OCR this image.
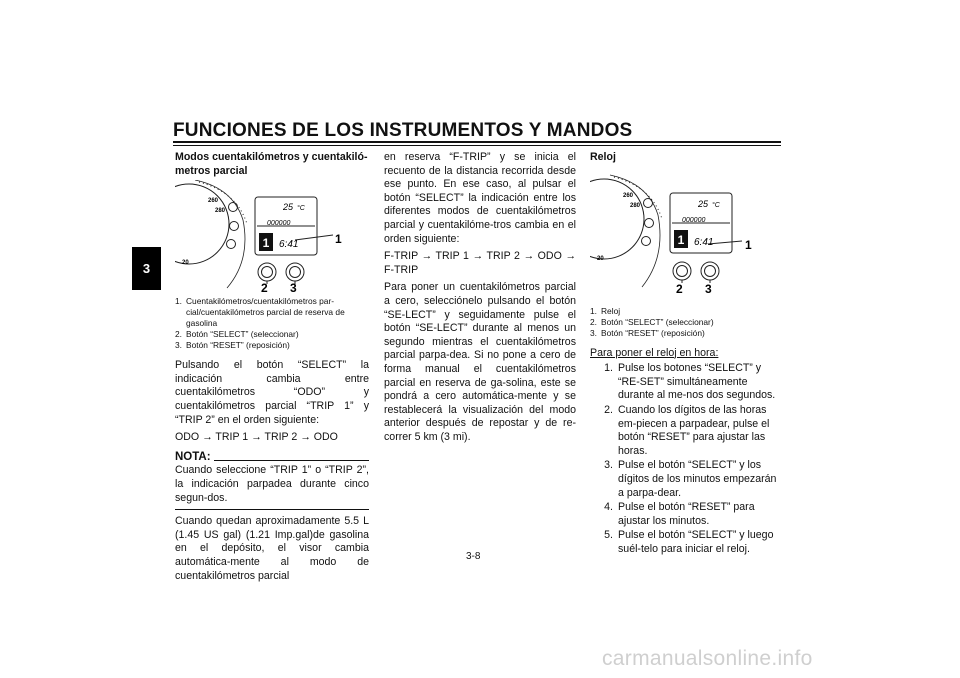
FUNCIONES DE LOS INSTRUMENTOS Y MANDOS
3
Modos cuentakilómetros y cuentakiló-metros parcial
1
25 °C
000000
6:41
260
280
20
1
2 3
1. Cuentakilómetros/cuentakilómetros par-cial/cuentakilómetros parcial de reserva de gasolina
2. Botón “SELECT” (seleccionar)
3. Botón “RESET” (reposición)

Pulsando el botón “SELECT” la indicación cambia entre cuentakilómetros “ODO” y cuentakilómetros parcial “TRIP 1” y “TRIP 2” en el orden siguiente:

ODO → TRIP 1 → TRIP 2 → ODO

NOTA:

Cuando seleccione “TRIP 1” o “TRIP 2”, la indicación parpadea durante cinco segun-dos.

Cuando quedan aproximadamente 5.5 L (1.45 US gal) (1.21 Imp.gal)de gasolina en el depósito, el visor cambia automática-mente al modo de cuentakilómetros parcial

en reserva “F-TRIP” y se inicia el recuento de la distancia recorrida desde ese punto. En ese caso, al pulsar el botón “SELECT” la indicación entre los diferentes modos de cuentakilómetros parcial y cuentakilóme-tros cambia en el orden siguiente:

F-TRIP → TRIP 1 → TRIP 2 → ODO → F-TRIP

Para poner un cuentakilómetros parcial a cero, selecciónelo pulsando el botón “SE-LECT” y seguidamente pulse el botón “SE-LECT” durante al menos un segundo mientras el cuentakilómetros parcial parpa-dea. Si no pone a cero de forma manual el cuentakilómetros parcial en reserva de ga-solina, este se pondrá a cero automática-mente y se restablecerá la visualización del modo anterior después de repostar y de re-correr 5 km (3 mi).

Reloj
1
25 °C
000000
6:41
260
280
20
1
2 3
1. Reloj
2. Botón “SELECT” (seleccionar)
3. Botón “RESET” (reposición)
Para poner el reloj en hora:
1. Pulse los botones “SELECT” y “RE-SET” simultáneamente durante al me-nos dos segundos.
2. Cuando los dígitos de las horas em-piecen a parpadear, pulse el botón “RESET” para ajustar las horas.
3. Pulse el botón “SELECT” y los dígitos de los minutos empezarán a parpa-dear.
4. Pulse el botón “RESET” para ajustar los minutos.
5. Pulse el botón “SELECT” y luego suél-telo para iniciar el reloj.
3-8
carmanualsonline.info
